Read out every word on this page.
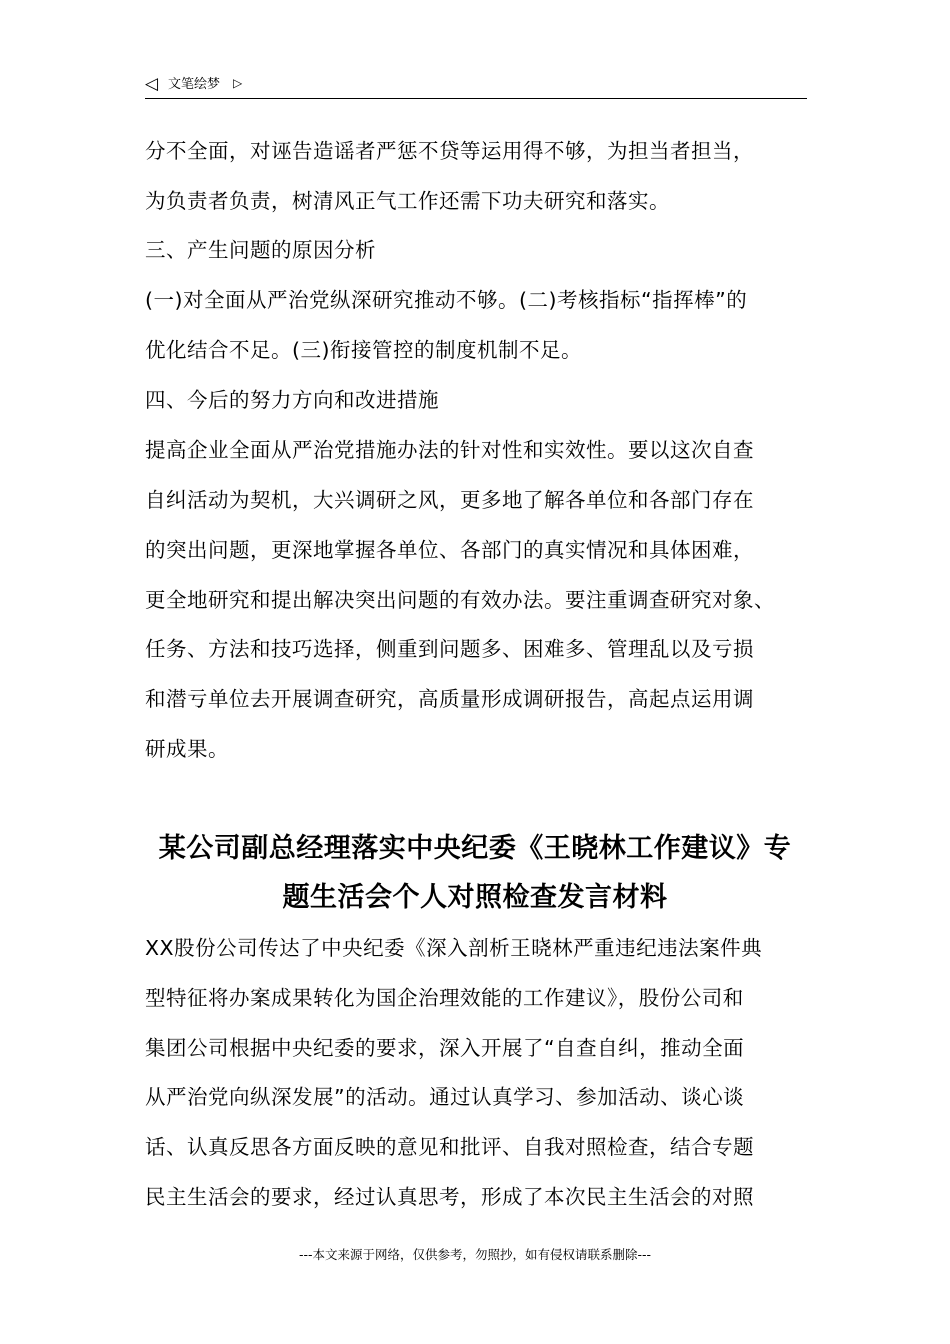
◁ 文笔绘梦 ▷
分不全面，对诬告造谣者严惩不贷等运用得不够，为担当者担当，
为负责者负责，树清风正气工作还需下功夫研究和落实。
三、产生问题的原因分析
(一)对全面从严治党纵深研究推动不够。(二)考核指标“指挥棒”的
优化结合不足。(三)衔接管控的制度机制不足。
四、今后的努力方向和改进措施
提高企业全面从严治党措施办法的针对性和实效性。要以这次自查
自纠活动为契机，大兴调研之风，更多地了解各单位和各部门存在
的突出问题，更深地掌握各单位、各部门的真实情况和具体困难，
更全地研究和提出解决突出问题的有效办法。要注重调查研究对象、
任务、方法和技巧选择，侧重到问题多、困难多、管理乱以及亏损
和潜亏单位去开展调查研究，高质量形成调研报告，高起点运用调
研成果。
某公司副总经理落实中央纪委《王晓林工作建议》专
题生活会个人对照检查发言材料
XX股份公司传达了中央纪委《深入剖析王晓林严重违纪违法案件典
型特征将办案成果转化为国企治理效能的工作建议》，股份公司和
集团公司根据中央纪委的要求，深入开展了“自查自纠，推动全面
从严治党向纵深发展”的活动。通过认真学习、参加活动、谈心谈
话、认真反思各方面反映的意见和批评、自我对照检查，结合专题
民主生活会的要求，经过认真思考，形成了本次民主生活会的对照
---本文来源于网络，仅供参考，勿照抄，如有侵权请联系删除---
